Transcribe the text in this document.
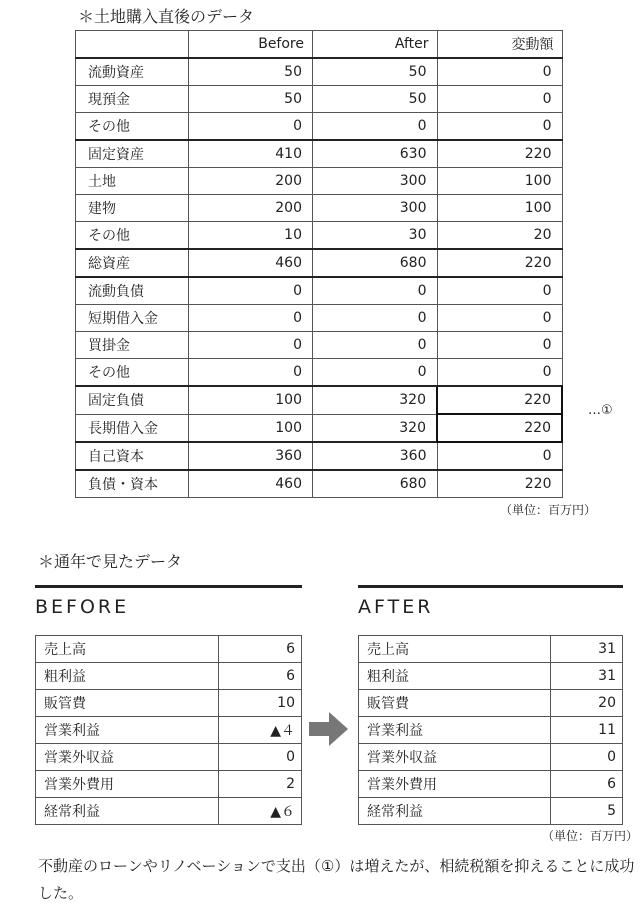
＊土地購入直後のデータ
	Before	After	変動額
流動資産	50	50	0
現預金	50	50	0
その他	0	0	0
固定資産	410	630	220
土地	200	300	100
建物	200	300	100
その他	10	30	20
総資産	460	680	220
流動負債	0	0	0
短期借入金	0	0	0
買掛金	0	0	0
その他	0	0	0
固定負債	100	320	220
長期借入金	100	320	220
自己資本	360	360	0
負債・資本	460	680	220
…①
（単位：百万円）
＊通年で見たデータ
BEFORE
売上高	6
粗利益	6
販管費	10
営業利益	▲４
営業外収益	0
営業外費用	2
経常利益	▲６
AFTER
売上高	31
粗利益	31
販管費	20
営業利益	11
営業外収益	0
営業外費用	6
経常利益	5
（単位：百万円）
不動産のローンやリノベーションで支出（①）は増えたが、相続税額を抑えることに成功した。
